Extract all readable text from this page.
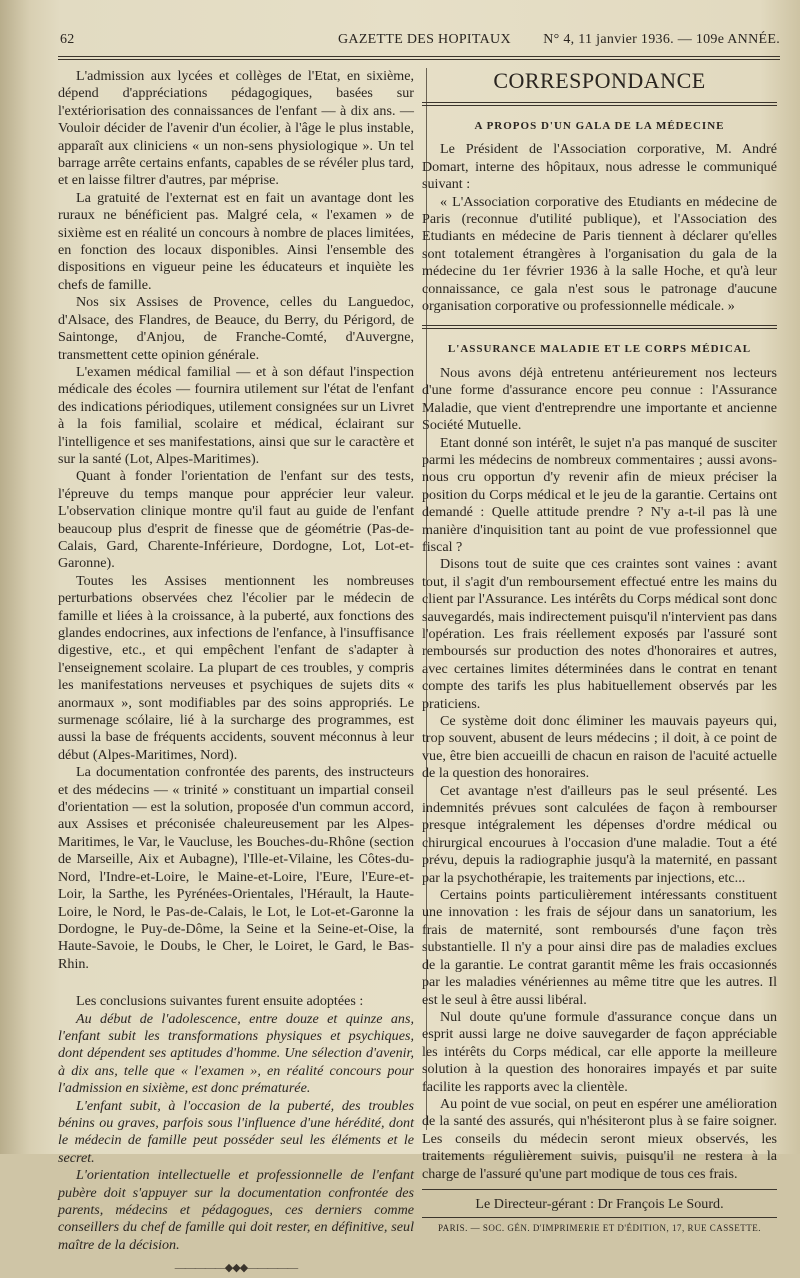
62	GAZETTE DES HOPITAUX N° 4, 11 janvier 1936. — 109e ANNÉE.

L'admission aux lycées et collèges de l'Etat, en sixième, dépend d'appréciations pédagogiques, basées sur l'extériorisation des connaissances de l'enfant — à dix ans. — Vouloir décider de l'avenir d'un écolier, à l'âge le plus instable, apparaît aux cliniciens « un non-sens physiologique ». Un tel barrage arrête certains enfants, capables de se révéler plus tard, et en laisse filtrer d'autres, par méprise.

La gratuité de l'externat est en fait un avantage dont les ruraux ne bénéficient pas. Malgré cela, « l'examen » de sixième est en réalité un concours à nombre de places limitées, en fonction des locaux disponibles. Ainsi l'ensemble des dispositions en vigueur peine les éducateurs et inquiète les chefs de famille.

Nos six Assises de Provence, celles du Languedoc, d'Alsace, des Flandres, de Beauce, du Berry, du Périgord, de Saintonge, d'Anjou, de Franche-Comté, d'Auvergne, transmettent cette opinion générale.

L'examen médical familial — et à son défaut l'inspection médicale des écoles — fournira utilement sur l'état de l'enfant des indications périodiques, utilement consignées sur un Livret à la fois familial, scolaire et médical, éclairant sur l'intelligence et ses manifestations, ainsi que sur le caractère et sur la santé (Lot, Alpes-Maritimes).

Quant à fonder l'orientation de l'enfant sur des tests, l'épreuve du temps manque pour apprécier leur valeur. L'observation clinique montre qu'il faut au guide de l'enfant beaucoup plus d'esprit de finesse que de géométrie (Pas-de-Calais, Gard, Charente-Inférieure, Dordogne, Lot, Lot-et-Garonne).

Toutes les Assises mentionnent les nombreuses perturbations observées chez l'écolier par le médecin de famille et liées à la croissance, à la puberté, aux fonctions des glandes endocrines, aux infections de l'enfance, à l'insuffisance digestive, etc., et qui empêchent l'enfant de s'adapter à l'enseignement scolaire. La plupart de ces troubles, y compris les manifestations nerveuses et psychiques de sujets dits « anormaux », sont modifiables par des soins appropriés. Le surmenage scólaire, lié à la surcharge des programmes, est aussi la base de fréquents accidents, souvent méconnus à leur début (Alpes-Maritimes, Nord).

La documentation confrontée des parents, des instructeurs et des médecins — « trinité » constituant un impartial conseil d'orientation — est la solution, proposée d'un commun accord, aux Assises et préconisée chaleureusement par les Alpes-Maritimes, le Var, le Vaucluse, les Bouches-du-Rhône (section de Marseille, Aix et Aubagne), l'Ille-et-Vilaine, les Côtes-du-Nord, l'Indre-et-Loire, le Maine-et-Loire, l'Eure, l'Eure-et-Loir, la Sarthe, les Pyrénées-Orientales, l'Hérault, la Haute-Loire, le Nord, le Pas-de-Calais, le Lot, le Lot-et-Garonne la Dordogne, le Puy-de-Dôme, la Seine et la Seine-et-Oise, la Haute-Savoie, le Doubs, le Cher, le Loiret, le Gard, le Bas-Rhin.

Les conclusions suivantes furent ensuite adoptées :

Au début de l'adolescence, entre douze et quinze ans, l'enfant subit les transformations physiques et psychiques, dont dépendent ses aptitudes d'homme. Une sélection d'avenir, à dix ans, telle que « l'examen », en réalité concours pour l'admission en sixième, est donc prématurée.

L'enfant subit, à l'occasion de la puberté, des troubles bénins ou graves, parfois sous l'influence d'une hérédité, dont le médecin de famille peut posséder seul les éléments et le secret.

L'orientation intellectuelle et professionnelle de l'enfant pubère doit s'appuyer sur la documentation confrontée des parents, médecins et pédagogues, ces derniers comme conseillers du chef de famille qui doit rester, en définitive, seul maître de la décision.

—————◆◆◆—————
CORRESPONDANCE
A PROPOS D'UN GALA DE LA MÉDECINE

Le Président de l'Association corporative, M. André Domart, interne des hôpitaux, nous adresse le communiqué suivant :

« L'Association corporative des Etudiants en médecine de Paris (reconnue d'utilité publique), et l'Association des Etudiants en médecine de Paris tiennent à déclarer qu'elles sont totalement étrangères à l'organisation du gala de la médecine du 1er février 1936 à la salle Hoche, et qu'à leur connaissance, ce gala n'est sous le patronage d'aucune organisation corporative ou professionnelle médicale. »

L'ASSURANCE MALADIE ET LE CORPS MÉDICAL

Nous avons déjà entretenu antérieurement nos lecteurs d'une forme d'assurance encore peu connue : l'Assurance Maladie, que vient d'entreprendre une importante et ancienne Société Mutuelle.

Etant donné son intérêt, le sujet n'a pas manqué de susciter parmi les médecins de nombreux commentaires ; aussi avons-nous cru opportun d'y revenir afin de mieux préciser la position du Corps médical et le jeu de la garantie. Certains ont demandé : Quelle attitude prendre ? N'y a-t-il pas là une manière d'inquisition tant au point de vue professionnel que fiscal ?

Disons tout de suite que ces craintes sont vaines : avant tout, il s'agit d'un remboursement effectué entre les mains du client par l'Assurance. Les intérêts du Corps médical sont donc sauvegardés, mais indirectement puisqu'il n'intervient pas dans l'opération. Les frais réellement exposés par l'assuré sont remboursés sur production des notes d'honoraires et autres, avec certaines limites déterminées dans le contrat en tenant compte des tarifs les plus habituellement observés par les praticiens.

Ce système doit donc éliminer les mauvais payeurs qui, trop souvent, abusent de leurs médecins ; il doit, à ce point de vue, être bien accueilli de chacun en raison de l'acuité actuelle de la question des honoraires.

Cet avantage n'est d'ailleurs pas le seul présenté. Les indemnités prévues sont calculées de façon à rembourser presque intégralement les dépenses d'ordre médical ou chirurgical encourues à l'occasion d'une maladie. Tout a été prévu, depuis la radiographie jusqu'à la maternité, en passant par la psychothérapie, les traitements par injections, etc...

Certains points particulièrement intéressants constituent une innovation : les frais de séjour dans un sanatorium, les frais de maternité, sont remboursés d'une façon très substantielle. Il n'y a pour ainsi dire pas de maladies exclues de la garantie. Le contrat garantit même les frais occasionnés par les maladies vénériennes au même titre que les autres. Il est le seul à être aussi libéral.

Nul doute qu'une formule d'assurance conçue dans un esprit aussi large ne doive sauvegarder de façon appréciable les intérêts du Corps médical, car elle apporte la meilleure solution à la question des honoraires impayés et par suite facilite les rapports avec la clientèle.

Au point de vue social, on peut en espérer une amélioration de la santé des assurés, qui n'hésiteront plus à se faire soigner. Les conseils du médecin seront mieux observés, les traitements régulièrement suivis, puisqu'il ne restera à la charge de l'assuré qu'une part modique de tous ces frais.

Le Directeur-gérant : Dr François Le Sourd.
PARIS. — SOC. GÉN. D'IMPRIMERIE ET D'ÉDITION, 17, RUE CASSETTE.
